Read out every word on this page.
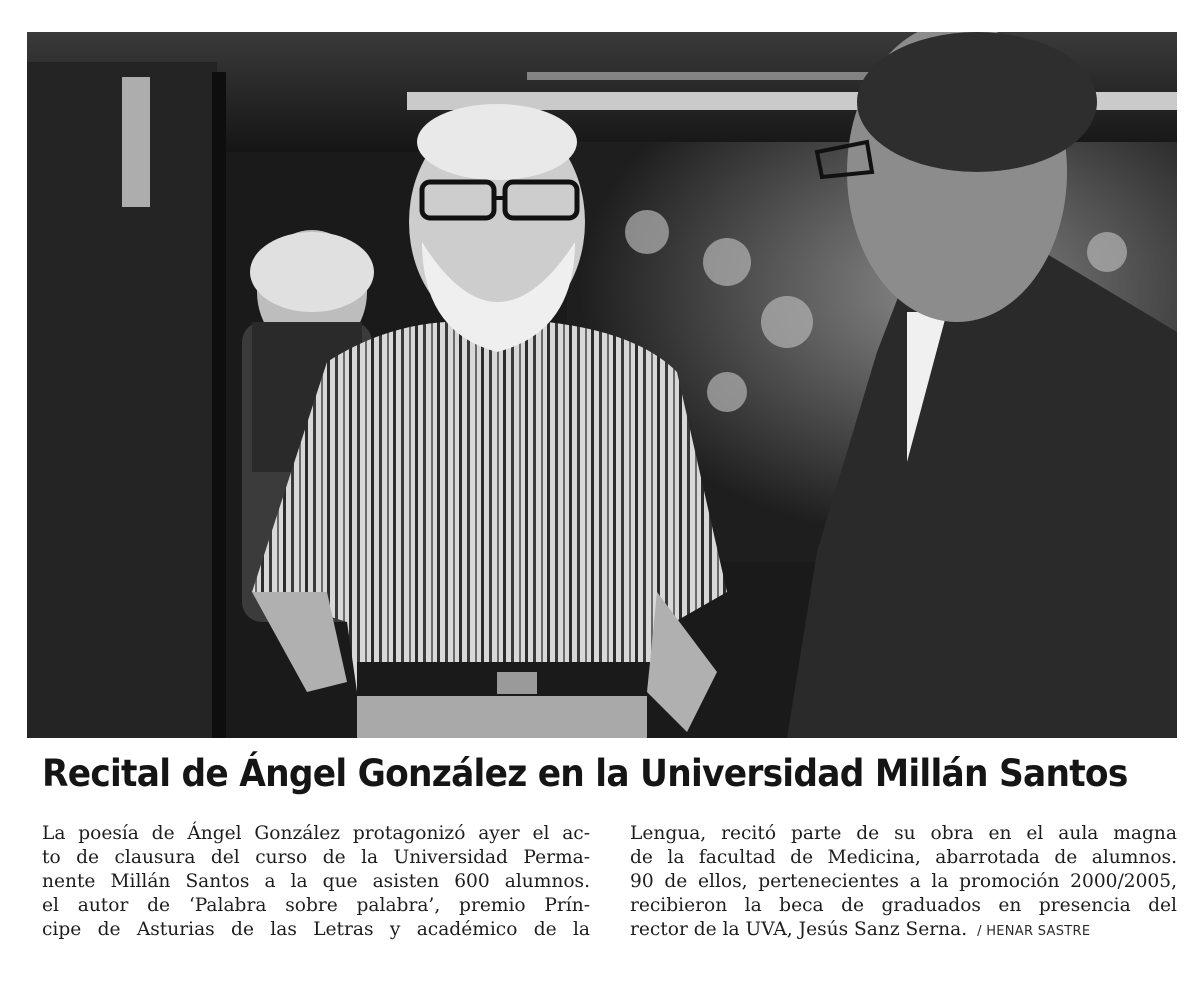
Recital de Ángel González en la Universidad Millán Santos
La poesía de Ángel González protagonizó ayer el ac-
to de clausura del curso de la Universidad Perma-
nente Millán Santos a la que asisten 600 alumnos.
el autor de ‘Palabra sobre palabra’, premio Prín-
cipe de Asturias de las Letras y académico de la
Lengua, recitó parte de su obra en el aula magna
de la facultad de Medicina, abarrotada de alumnos.
90 de ellos, pertenecientes a la promoción 2000/2005,
recibieron la beca de graduados en presencia del
rector de la UVA, Jesús Sanz Serna. / HENAR SASTRE
